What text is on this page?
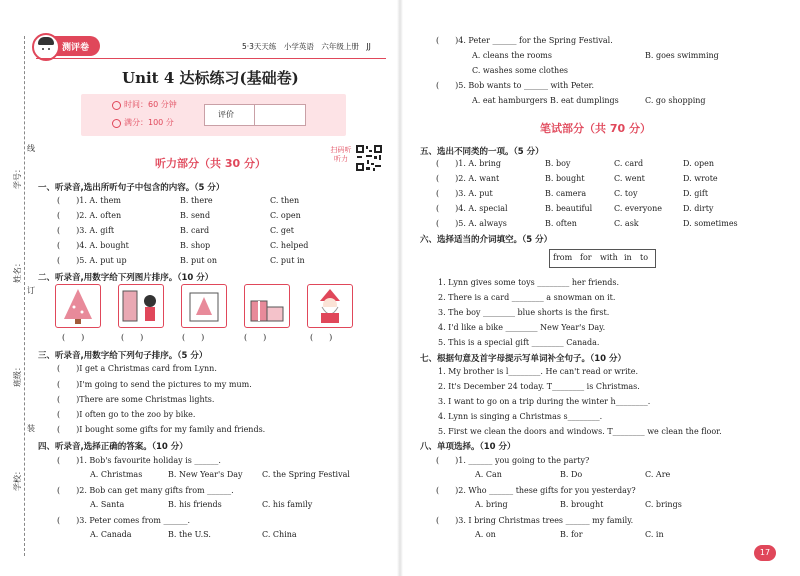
测评卷	5·3天天练　小学英语　六年级上册　JJ
Unit 4 达标练习(基础卷)
时间：60 分钟
满分：100 分
评价
扫码听听力
听力部分（共 30 分）
笔试部分（共 70 分）
学号：
姓名：
班级：
学校：
线
订
装
from for with in to
17
一、听录音,选出所听句子中包含的内容。（5 分）
(　　)1. A. them	B. there	C. then
(　　)2. A. often	B. send	C. open
(　　)3. A. gift	B. card	C. get
(　　)4. A. bought	B. shop	C. helped
(　　)5. A. put up	B. put on	C. put in
二、听录音,用数字给下列图片排序。（10 分）
(　　)	(　　)	(　　)	(　　)	(　　)
三、听录音,用数字给下列句子排序。（5 分）
(　　)I get a Christmas card from Lynn.
(　　)I'm going to send the pictures to my mum.
(　　)There are some Christmas lights.
(　　)I often go to the zoo by bike.
(　　)I bought some gifts for my family and friends.
四、听录音,选择正确的答案。（10 分）
(　　)1. Bob's favourite holiday is ______.
A. Christmas	B. New Year's Day C. the Spring Festival
(　　)2. Bob can get many gifts from ______.
A. Santa	B. his friends	C. his family
(　　)3. Peter comes from ______.
A. Canada	B. the U.S.	C. China
(　　)4. Peter ______ for the Spring Festival.
A. cleans the rooms	B. goes swimming
C. washes some clothes
(　　)5. Bob wants to ______ with Peter.
A. eat hamburgers B. eat dumplings	C. go shopping
五、选出不同类的一项。（5 分）
(　　)1. A. bring	B. boy	C. card	D. open
(　　)2. A. want	B. bought	C. went	D. wrote
(　　)3. A. put	B. camera	C. toy	D. gift
(　　)4. A. special	B. beautiful	C. everyone	D. dirty
(　　)5. A. always	B. often	C. ask	D. sometimes
六、选择适当的介词填空。（5 分）
1. Lynn gives some toys ________ her friends.
2. There is a card ________ a snowman on it.
3. The boy ________ blue shorts is the first.
4. I'd like a bike ________ New Year's Day.
5. This is a special gift ________ Canada.
七、根据句意及首字母提示写单词补全句子。（10 分）
1. My brother is l________. He can't read or write.
2. It's December 24 today. T________ is Christmas.
3. I want to go on a trip during the winter h________.
4. Lynn is singing a Christmas s________.
5. First we clean the doors and windows. T________ we clean the floor.
八、单项选择。（10 分）
(　　)1. ______ you going to the party?
A. Can	B. Do	C. Are
(　　)2. Who ______ these gifts for you yesterday?
A. bring	B. brought	C. brings
(　　)3. I bring Christmas trees ______ my family.
A. on	B. for	C. in
